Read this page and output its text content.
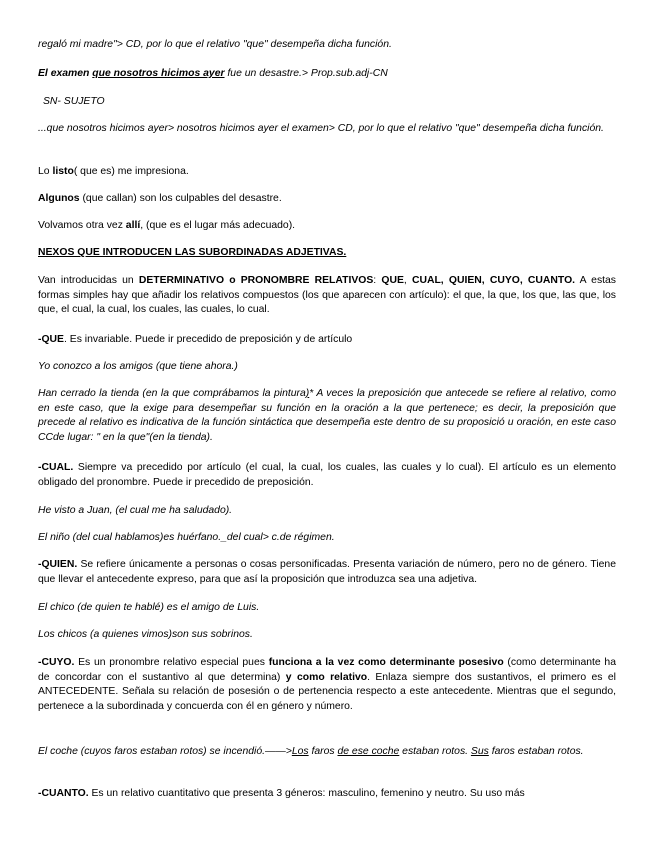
regaló mi madre"> CD, por lo que el relativo "que" desempeña dicha función.

El examen que nosotros hicimos ayer fue un desastre.> Prop.sub.adj-CN

SN- SUJETO

...que nosotros hicimos ayer> nosotros hicimos ayer el examen> CD, por lo que el relativo "que" desempeña dicha función.

Lo listo( que es) me impresiona.

Algunos (que callan) son los culpables del desastre.

Volvamos otra vez allí, (que es el lugar más adecuado).

NEXOS QUE INTRODUCEN LAS SUBORDINADAS ADJETIVAS.

Van introducidas un DETERMINATIVO o PRONOMBRE RELATIVOS: QUE, CUAL, QUIEN, CUYO, CUANTO. A estas formas simples hay que añadir los relativos compuestos (los que aparecen con artículo): el que, la que, los que, las que, los que, el cual, la cual, los cuales, las cuales, lo cual.

-QUE. Es invariable. Puede ir precedido de preposición y de artículo

Yo conozco a los amigos (que tiene ahora.)

Han cerrado la tienda (en la que comprábamos la pintura)* A veces la preposición que antecede se refiere al relativo, como en este caso, que la exige para desempeñar su función en la oración a la que pertenece; es decir, la preposición que precede al relativo es indicativa de la función sintáctica que desempeña este dentro de su proposició u oración, en este caso CCde lugar: " en la que"(en la tienda).

-CUAL. Siempre va precedido por artículo (el cual, la cual, los cuales, las cuales y lo cual). El artículo es un elemento obligado del pronombre. Puede ir precedido de preposición.

He visto a Juan, (el cual me ha saludado).

El niño (del cual hablamos)es huérfano._del cual> c.de régimen.

-QUIEN. Se refiere únicamente a personas o cosas personificadas. Presenta variación de número, pero no de género. Tiene que llevar el antecedente expreso, para que así la proposición que introduzca sea una adjetiva.

El chico (de quien te hablé) es el amigo de Luis.

Los chicos (a quienes vimos)son sus sobrinos.

-CUYO. Es un pronombre relativo especial pues funciona a la vez como determinante posesivo (como determinante ha de concordar con el sustantivo al que determina) y como relativo. Enlaza siempre dos sustantivos, el primero es el ANTECEDENTE. Señala su relación de posesión o de pertenencia respecto a este antecedente. Mientras que el segundo, pertenece a la subordinada y concuerda con él en género y número.

El coche (cuyos faros estaban rotos) se incendió.——>Los faros de ese coche estaban rotos. Sus faros estaban rotos.

-CUANTO. Es un relativo cuantitativo que presenta 3 géneros: masculino, femenino y neutro. Su uso más
